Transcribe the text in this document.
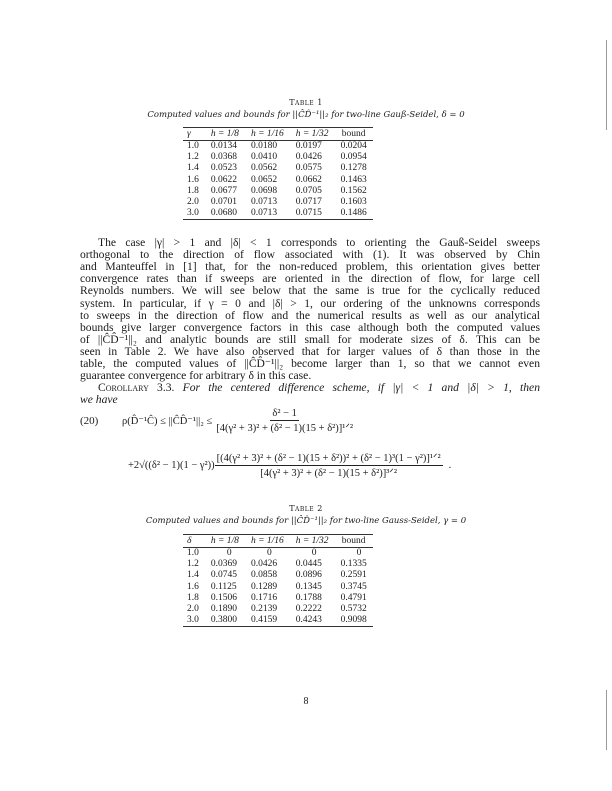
Table 1
Computed values and bounds for ||ĈD̂⁻¹||₂ for two-line Gauß-Seidel, δ = 0
γ	h = 1/8	h = 1/16	h = 1/32	bound
1.0	0.0134	0.0180	0.0197	0.0204
1.2	0.0368	0.0410	0.0426	0.0954
1.4	0.0523	0.0562	0.0575	0.1278
1.6	0.0622	0.0652	0.0662	0.1463
1.8	0.0677	0.0698	0.0705	0.1562
2.0	0.0701	0.0713	0.0717	0.1603
3.0	0.0680	0.0713	0.0715	0.1486
The case |γ| > 1 and |δ| < 1 corresponds to orienting the Gauß-Seidel sweeps
orthogonal to the direction of flow associated with (1). It was observed by Chin
and Manteuffel in [1] that, for the non-reduced problem, this orientation gives better
convergence rates than if sweeps are oriented in the direction of flow, for large cell
Reynolds numbers. We will see below that the same is true for the cyclically reduced
system. In particular, if γ = 0 and |δ| > 1, our ordering of the unknowns corresponds
to sweeps in the direction of flow and the numerical results as well as our analytical
bounds give larger convergence factors in this case although both the computed values
of ||ĈD̂⁻¹||₂ and analytic bounds are still small for moderate sizes of δ. This can be
seen in Table 2. We have also observed that for larger values of δ than those in the
table, the computed values of ||ĈD̂⁻¹||₂ become larger than 1, so that we cannot even
guarantee convergence for arbitrary δ in this case.
Corollary 3.3. For the centered difference scheme, if |γ| < 1 and |δ| > 1, then
we have
(20)	ρ(D̂⁻¹Ĉ) ≤ ||ĈD̂⁻¹||₂ ≤ $\frac{\text{δ² − 1}}{\text{[4(γ² + 3)² + (δ² − 1)(15 + δ²)]¹ᐟ²}}$
$+2√((\delta^2 - 1)(1 - \gamma^2)) \frac{\text{[(4(γ² + 3)² + (δ² − 1)(15 + δ²))² + (δ² − 1)³(1 − γ²)]¹ᐟ²}}{\text{[4(γ² + 3)² + (δ² − 1)(15 + δ²)]³ᐟ²}}$ .
Table 2
Computed values and bounds for ||ĈD̂⁻¹||₂ for two-line Gauss-Seidel, γ = 0
δ	h = 1/8	h = 1/16	h = 1/32	bound
1.0	0	0	0	0
1.2	0.0369	0.0426	0.0445	0.1335
1.4	0.0745	0.0858	0.0896	0.2591
1.6	0.1125	0.1289	0.1345	0.3745
1.8	0.1506	0.1716	0.1788	0.4791
2.0	0.1890	0.2139	0.2222	0.5732
3.0	0.3800	0.4159	0.4243	0.9098
8
